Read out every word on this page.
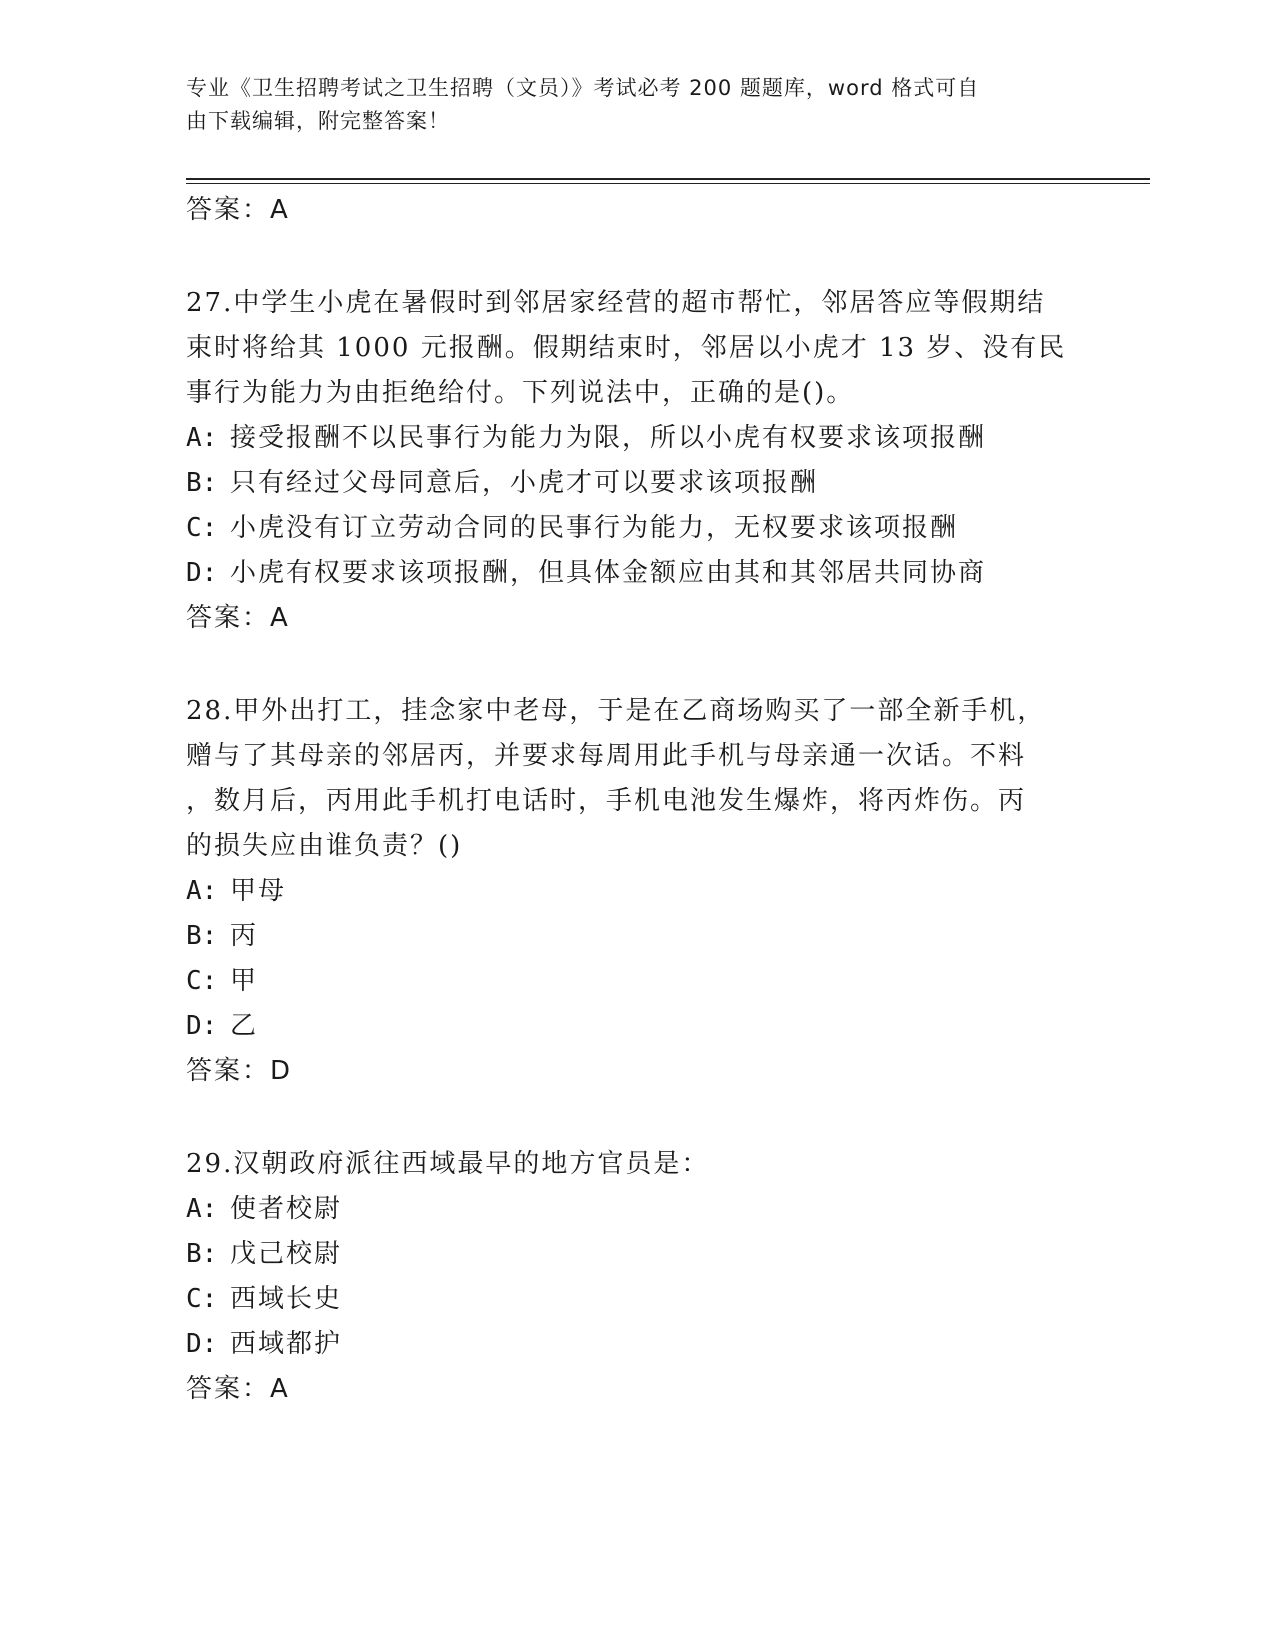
专业《卫生招聘考试之卫生招聘（文员）》考试必考 200 题题库，word 格式可自
由下载编辑，附完整答案！
答案：A
27.中学生小虎在暑假时到邻居家经营的超市帮忙，邻居答应等假期结
束时将给其 1000 元报酬。假期结束时，邻居以小虎才 13 岁、没有民
事行为能力为由拒绝给付。下列说法中，正确的是()。
A: 接受报酬不以民事行为能力为限，所以小虎有权要求该项报酬
B: 只有经过父母同意后，小虎才可以要求该项报酬
C: 小虎没有订立劳动合同的民事行为能力，无权要求该项报酬
D: 小虎有权要求该项报酬，但具体金额应由其和其邻居共同协商
答案：A
28.甲外出打工，挂念家中老母，于是在乙商场购买了一部全新手机，
赠与了其母亲的邻居丙，并要求每周用此手机与母亲通一次话。不料
，数月后，丙用此手机打电话时，手机电池发生爆炸，将丙炸伤。丙
的损失应由谁负责？()
A: 甲母
B: 丙
C: 甲
D: 乙
答案：D
29.汉朝政府派往西域最早的地方官员是：
A: 使者校尉
B: 戊己校尉
C: 西域长史
D: 西域都护
答案：A
